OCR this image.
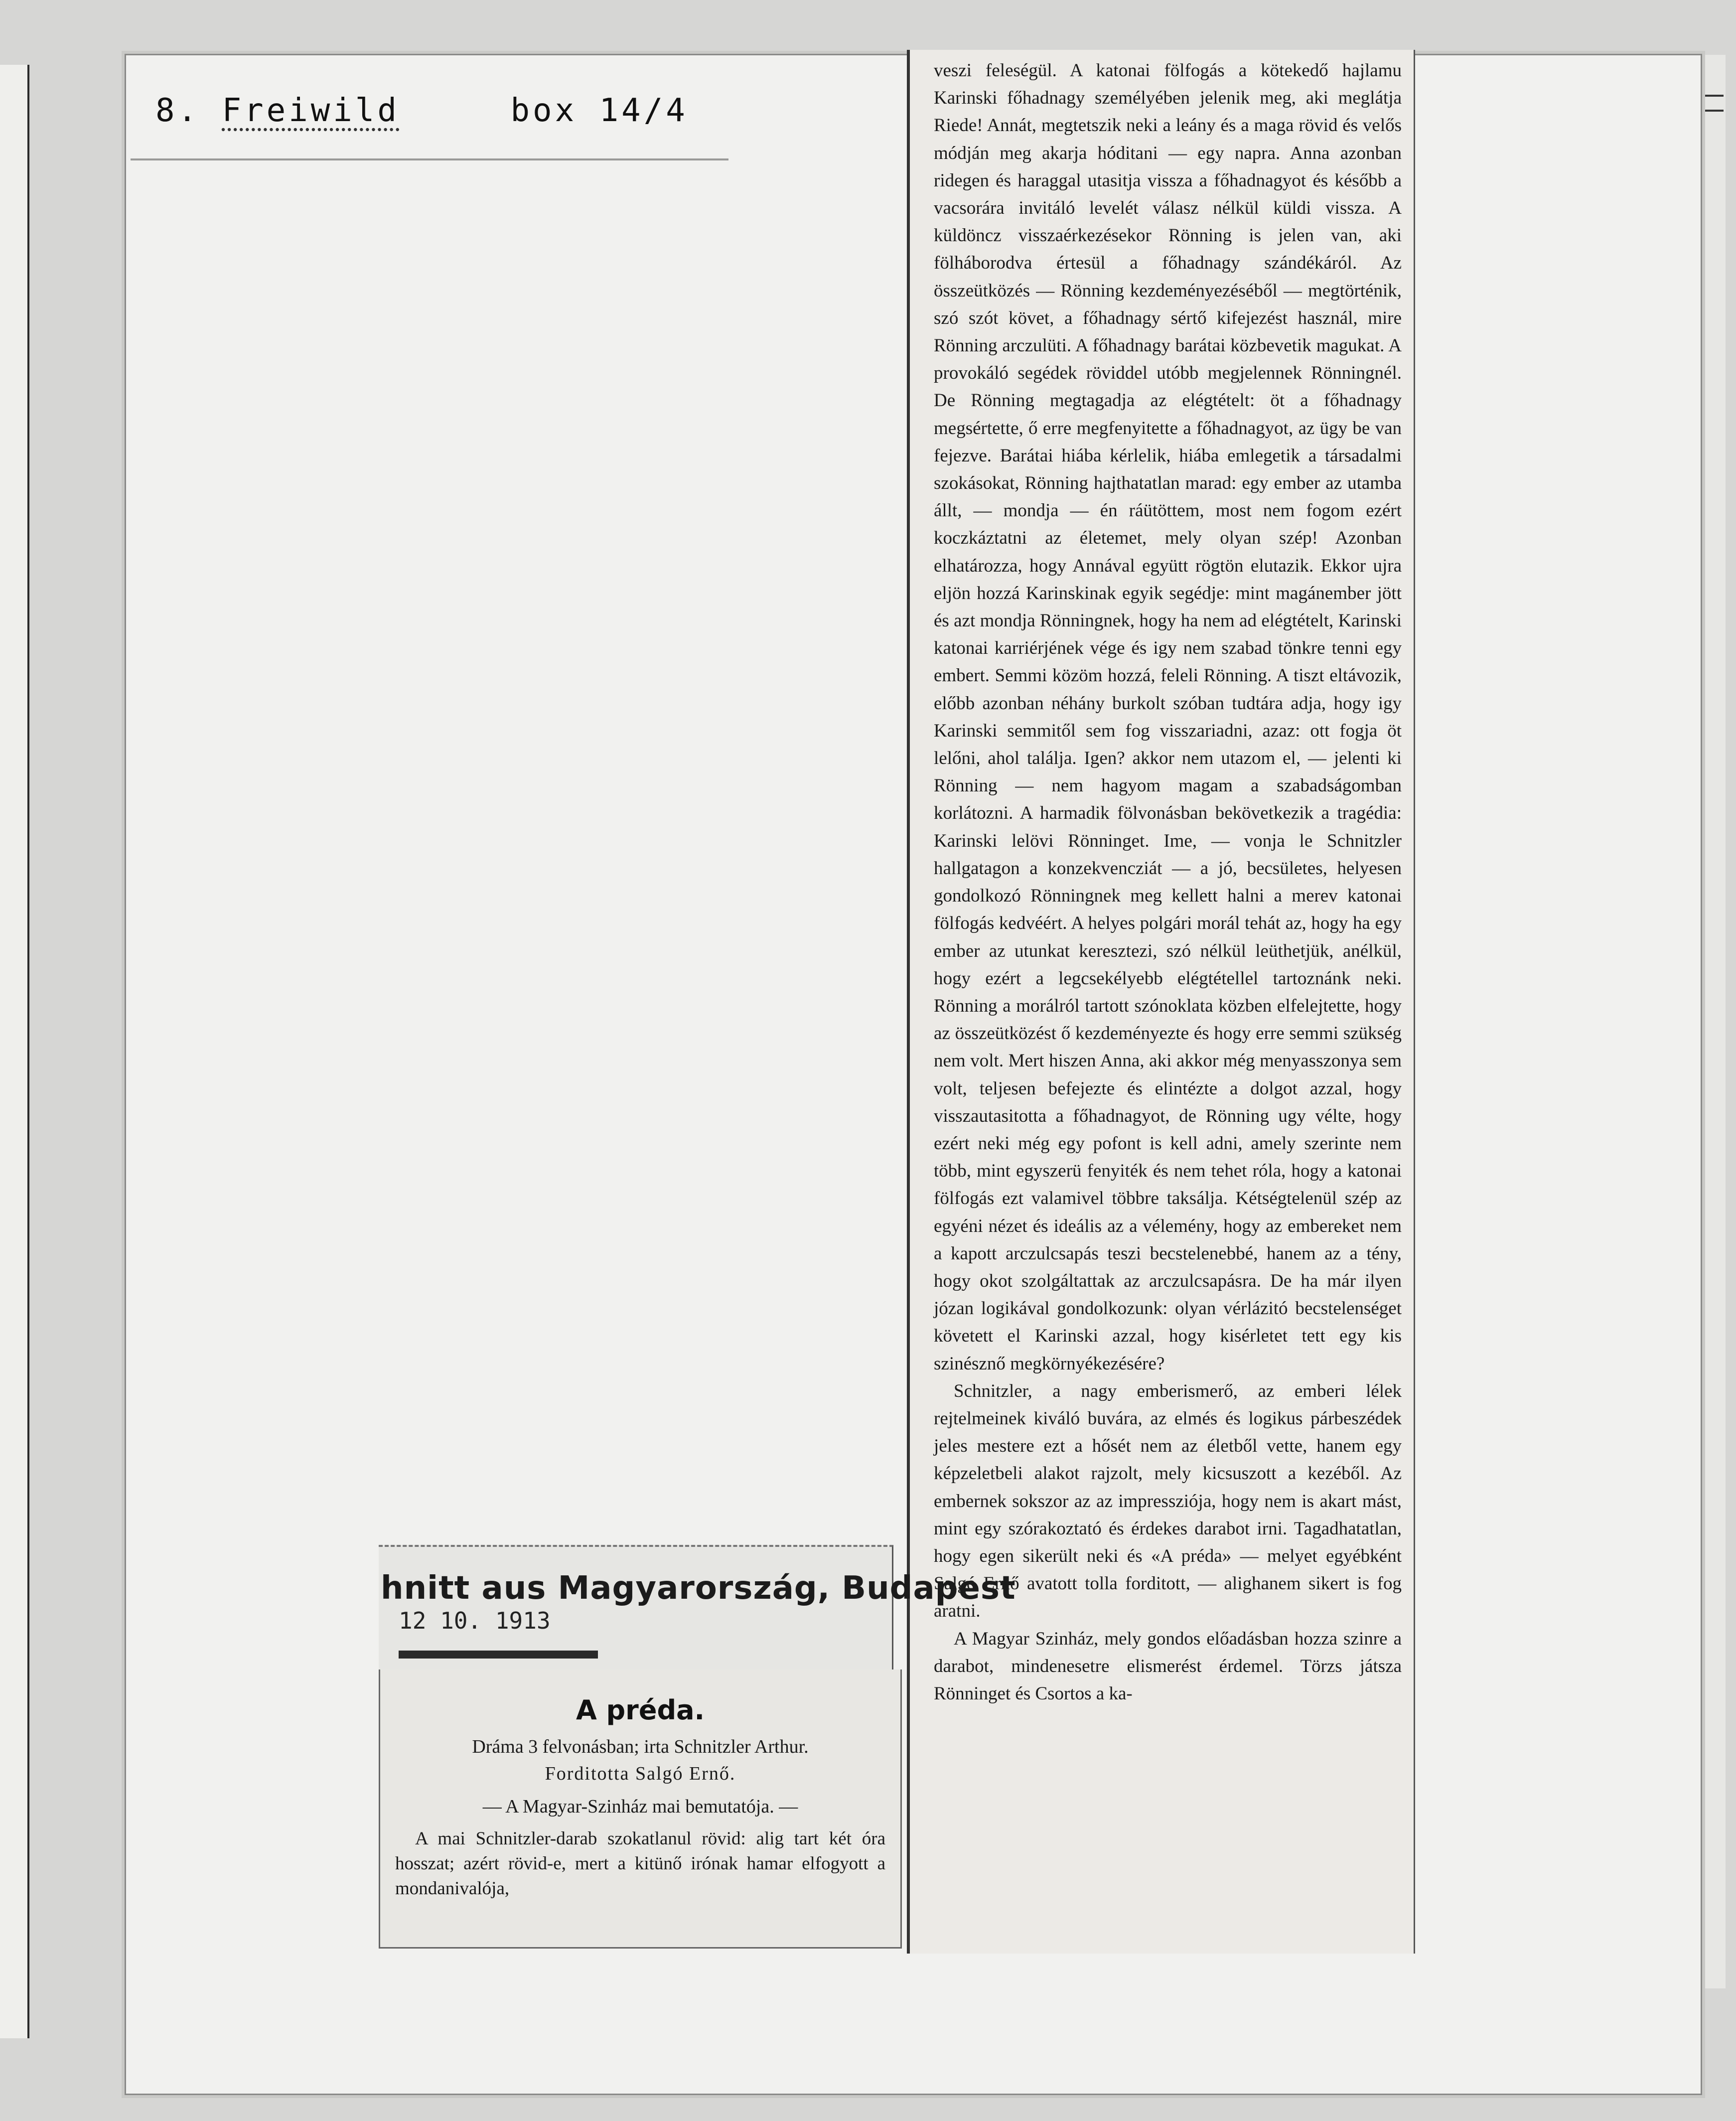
8. Freiwild	box 14/4

veszi feleségül. A katonai fölfogás a kötekedő hajlamu Karinski főhadnagy személyében jelenik meg, aki meglátja Riede! Annát, megtetszik neki a leány és a maga rövid és velős módján meg akarja hóditani — egy napra. Anna azonban ridegen és haraggal utasitja vissza a főhadnagyot és később a vacsorára invitáló levelét válasz nélkül küldi vissza. A küldöncz visszaérkezésekor Rönning is jelen van, aki fölháborodva értesül a főhadnagy szándékáról. Az összeütközés — Rönning kezdeményezéséből — megtörténik, szó szót követ, a főhadnagy sértő kifejezést használ, mire Rönning arczulüti. A főhadnagy barátai közbevetik magukat. A provokáló segédek röviddel utóbb megjelennek Rönningnél. De Rönning megtagadja az elégtételt: öt a főhadnagy megsértette, ő erre megfenyitette a főhadnagyot, az ügy be van fejezve. Barátai hiába kérlelik, hiába emlegetik a társadalmi szokásokat, Rönning hajthatatlan marad: egy ember az utamba állt, — mondja — én ráütöttem, most nem fogom ezért koczkáztatni az életemet, mely olyan szép! Azonban elhatározza, hogy Annával együtt rögtön elutazik. Ekkor ujra eljön hozzá Karinskinak egyik segédje: mint magánember jött és azt mondja Rönningnek, hogy ha nem ad elégtételt, Karinski katonai karriérjének vége és igy nem szabad tönkre tenni egy embert. Semmi közöm hozzá, feleli Rönning. A tiszt eltávozik, előbb azonban néhány burkolt szóban tudtára adja, hogy igy Karinski semmitől sem fog visszariadni, azaz: ott fogja öt lelőni, ahol találja. Igen? akkor nem utazom el, — jelenti ki Rönning — nem hagyom magam a szabadságomban korlátozni. A harmadik fölvonásban bekövetkezik a tragédia: Karinski lelövi Rönninget. Ime, — vonja le Schnitzler hallgatagon a konzekvencziát — a jó, becsületes, helyesen gondolkozó Rönningnek meg kellett halni a merev katonai fölfogás kedvéért. A helyes polgári morál tehát az, hogy ha egy ember az utunkat keresztezi, szó nélkül leüthetjük, anélkül, hogy ezért a legcsekélyebb elégtétellel tartoznánk neki. Rönning a morálról tartott szónoklata közben elfelejtette, hogy az összeütközést ő kezdeményezte és hogy erre semmi szükség nem volt. Mert hiszen Anna, aki akkor még menyasszonya sem volt, teljesen befejezte és elintézte a dolgot azzal, hogy visszautasitotta a főhadnagyot, de Rönning ugy vélte, hogy ezért neki még egy pofont is kell adni, amely szerinte nem több, mint egyszerü fenyiték és nem tehet róla, hogy a katonai fölfogás ezt valamivel többre taksálja. Kétségtelenül szép az egyéni nézet és ideális az a vélemény, hogy az embereket nem a kapott arczulcsapás teszi becstelenebbé, hanem az a tény, hogy okot szolgáltattak az arczulcsapásra. De ha már ilyen józan logikával gondolkozunk: olyan vérlázitó becstelenséget követett el Karinski azzal, hogy kisérletet tett egy kis szinésznő megkörnyékezésére?

Schnitzler, a nagy emberismerő, az emberi lélek rejtelmeinek kiváló buvára, az elmés és logikus párbeszédek jeles mestere ezt a hősét nem az életből vette, hanem egy képzeletbeli alakot rajzolt, mely kicsuszott a kezéből. Az embernek sokszor az az impressziója, hogy nem is akart mást, mint egy szórakoztató és érdekes darabot irni. Tagadhatatlan, hogy egen sikerült neki és «A préda» — melyet egyébként Salgó Ernő avatott tolla forditott, — alighanem sikert is fog aratni.

A Magyar Szinház, mely gondos előadásban hozza szinre a darabot, mindenesetre elismerést érdemel. Törzs játsza Rönninget és Csortos a ka-

hnitt aus Magyarország, Budapest
12 10. 1913
A préda.
Dráma 3 felvonásban; irta Schnitzler Arthur.
Forditotta Salgó Ernő.
— A Magyar-Szinház mai bemutatója. —
A mai Schnitzler-darab szokatlanul rövid: alig tart két óra hosszat; azért rövid-e, mert a kitünő irónak hamar elfogyott a mondanivalója,
